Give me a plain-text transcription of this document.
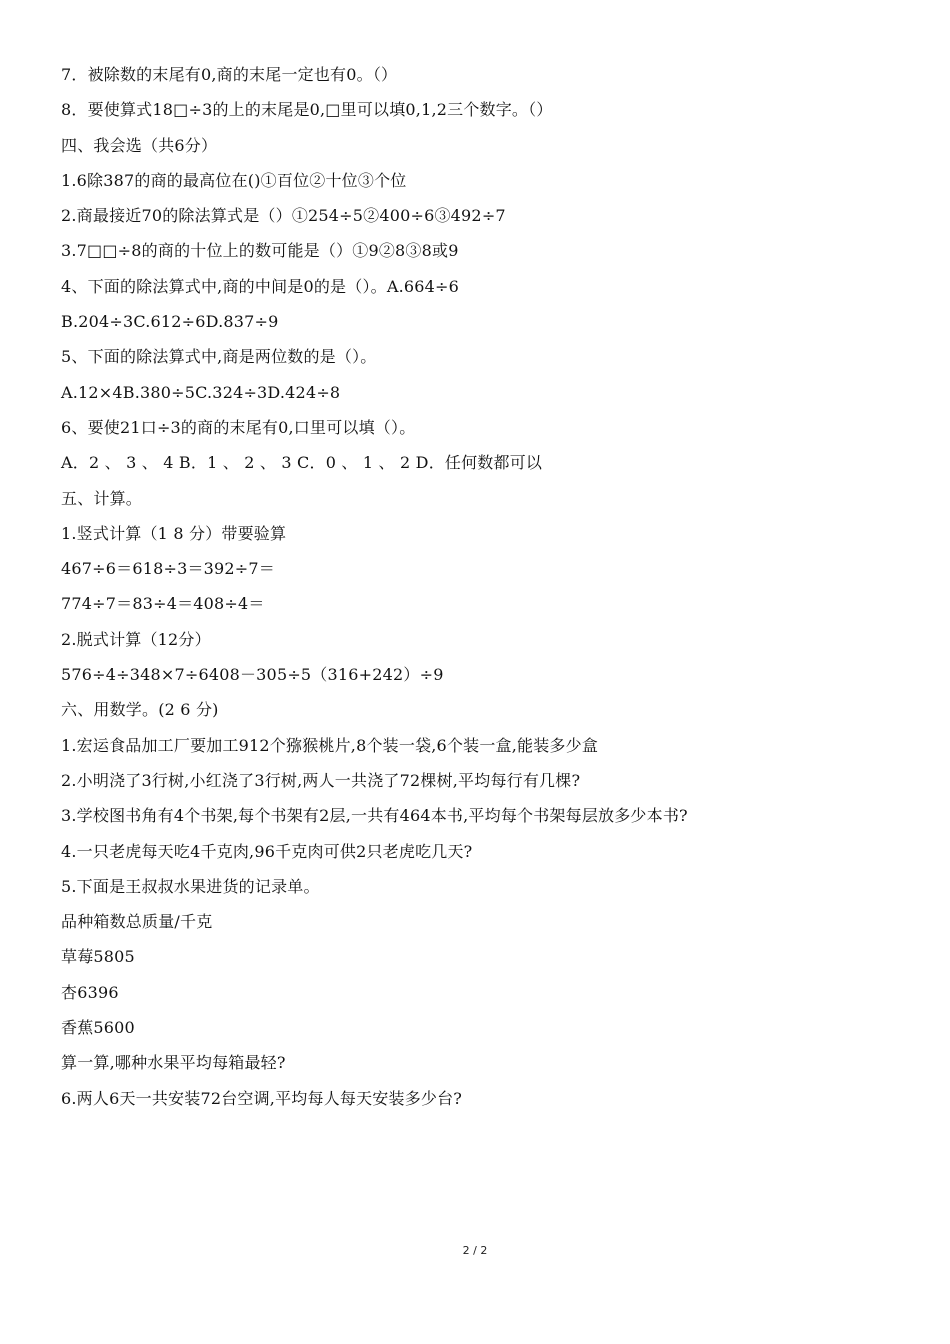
7．被除数的末尾有0,商的末尾一定也有0。（）
8．要使算式18□÷3的上的末尾是0,□里可以填0,1,2三个数字。（）
四、我会选（共6分）
1.6除387的商的最高位在()①百位②十位③个位
2.商最接近70的除法算式是（）①254÷5②400÷6③492÷7
3.7□□÷8的商的十位上的数可能是（）①9②8③8或9
4、下面的除法算式中,商的中间是0的是（）。A.664÷6
B.204÷3C.612÷6D.837÷9
5、下面的除法算式中,商是两位数的是（）。
A.12×4B.380÷5C.324÷3D.424÷8
6、要使21口÷3的商的末尾有0,口里可以填（）。
A．2 、 3 、 4 B．1 、 2 、 3 C．0 、 1 、 2 D．任何数都可以
五、计算。
1.竖式计算（1 8 分）带要验算
467÷6＝618÷3＝392÷7＝
774÷7＝83÷4＝408÷4＝
2.脱式计算（12分）
576÷4÷348×7÷6408－305÷5（316+242）÷9
六、用数学。(2 6 分)
1.宏运食品加工厂要加工912个猕猴桃片,8个装一袋,6个装一盒,能装多少盒
2.小明浇了3行树,小红浇了3行树,两人一共浇了72棵树,平均每行有几棵?
3.学校图书角有4个书架,每个书架有2层,一共有464本书,平均每个书架每层放多少本书?
4.一只老虎每天吃4千克肉,96千克肉可供2只老虎吃几天?
5.下面是王叔叔水果进货的记录单。
品种箱数总质量/千克
草莓5805
杏6396
香蕉5600
算一算,哪种水果平均每箱最轻?
6.两人6天一共安装72台空调,平均每人每天安装多少台?
2 / 2
